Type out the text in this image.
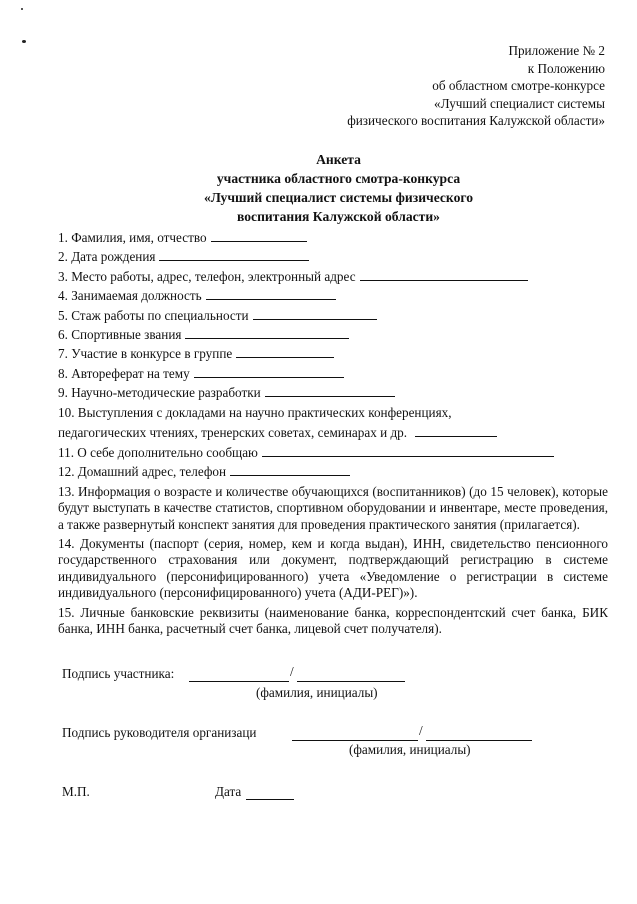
Приложение № 2
к Положению
об областном смотре-конкурсе
«Лучший специалист системы
физического воспитания Калужской области»
Анкета
участника областного смотра-конкурса
«Лучший специалист системы физического
воспитания Калужской области»
1. Фамилия, имя, отчество
2. Дата рождения
3. Место работы, адрес, телефон, электронный адрес
4. Занимаемая должность
5. Стаж работы по специальности
6. Спортивные звания
7. Участие в конкурсе в группе
8. Автореферат на тему
9. Научно-методические разработки
10. Выступления с докладами на научно практических конференциях,
педагогических чтениях, тренерских советах, семинарах и др.
11. О себе дополнительно сообщаю
12. Домашний адрес, телефон
13. Информация о возрасте и количестве обучающихся (воспитанников) (до 15 человек), которые будут выступать в качестве статистов, спортивном оборудовании и инвентаре, месте проведения, а также развернутый конспект занятия для проведения практического занятия (прилагается).
14. Документы (паспорт (серия, номер, кем и когда выдан), ИНН, свидетельство пенсионного государственного страхования или документ, подтверждающий регистрацию в системе индивидуального (персонифицированного) учета «Уведомление о регистрации в системе индивидуального (персонифицированного) учета (АДИ-РЕГ)»).
15. Личные банковские реквизиты (наименование банка, корреспондентский счет банка, БИК банка, ИНН банка, расчетный счет банка, лицевой счет получателя).
Подпись участника:	/
(фамилия, инициалы)
Подпись руководителя организаци	/
(фамилия, инициалы)
М.П.	Дата
